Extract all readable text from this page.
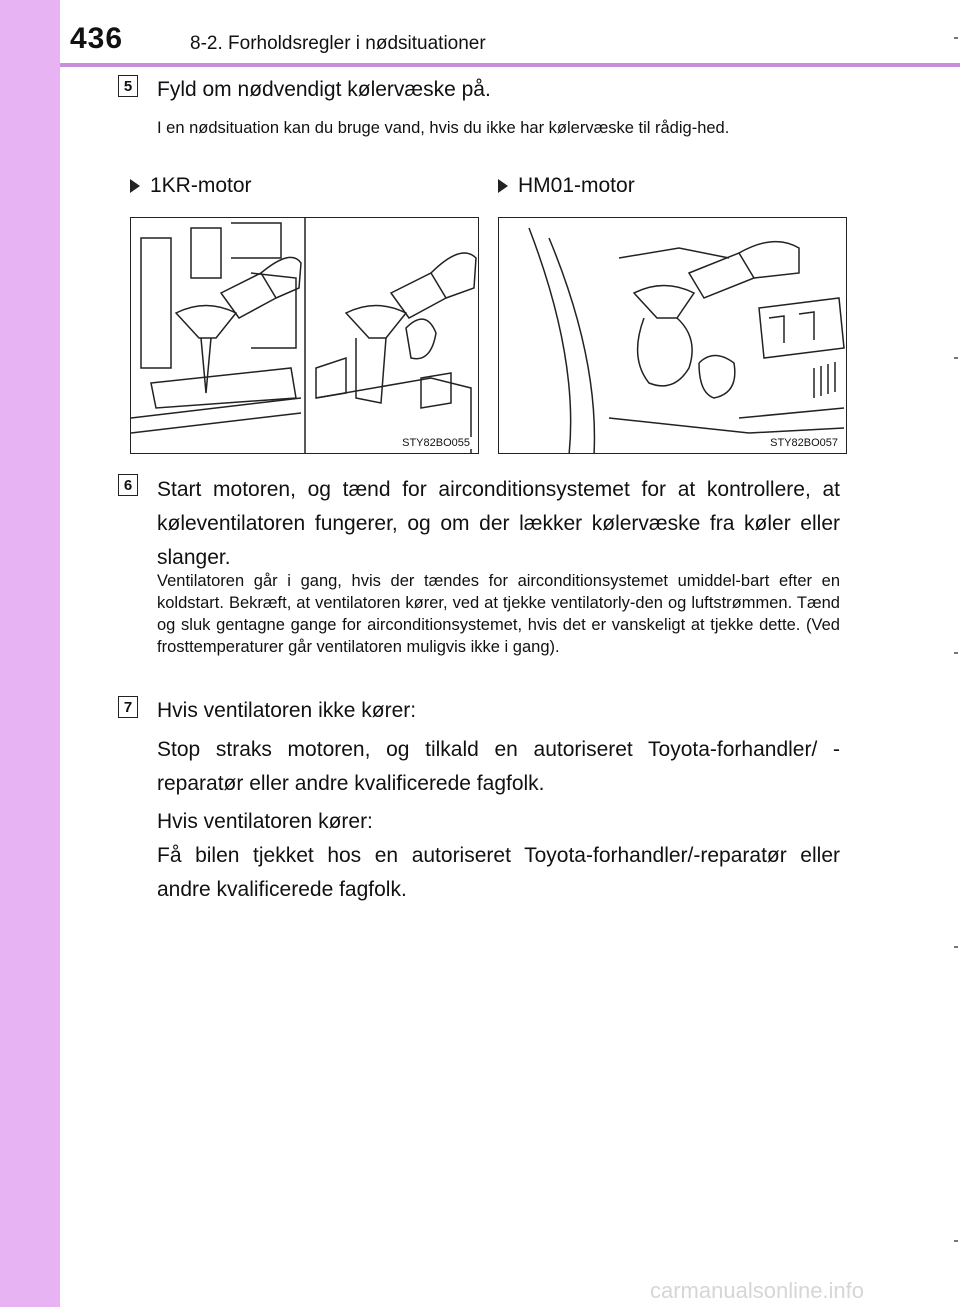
436	8-2. Forholdsregler i nødsituationer
5 Fyld om nødvendigt kølervæske på.
I en nødsituation kan du bruge vand, hvis du ikke har kølervæske til rådig-hed.
1KR-motor	HM01-motor
STY82BO055	STY82BO057
6 Start motoren, og tænd for airconditionsystemet for at kontrollere, at køleventilatoren fungerer, og om der lækker kølervæske fra køler eller slanger.
Ventilatoren går i gang, hvis der tændes for airconditionsystemet umiddel-bart efter en koldstart. Bekræft, at ventilatoren kører, ved at tjekke ventilatorly-den og luftstrømmen. Tænd og sluk gentagne gange for airconditionsystemet, hvis det er vanskeligt at tjekke dette. (Ved frosttemperaturer går ventilatoren muligvis ikke i gang).
7 Hvis ventilatoren ikke kører:
Stop straks motoren, og tilkald en autoriseret Toyota-forhandler/ -reparatør eller andre kvalificerede fagfolk.
Hvis ventilatoren kører:
Få bilen tjekket hos en autoriseret Toyota-forhandler/-reparatør eller andre kvalificerede fagfolk.
carmanualsonline.info
